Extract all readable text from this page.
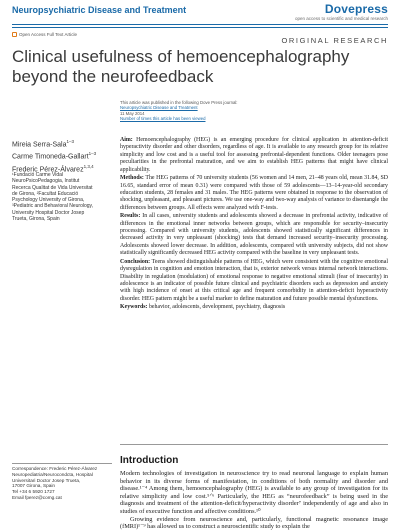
Neuropsychiatric Disease and Treatment	Dovepress
open access to scientific and medical research
Open Access Full Text Article
ORIGINAL RESEARCH
Clinical usefulness of hemoencephalography
beyond the neurofeedback
This article was published in the following Dove Press journal:
Neuropsychiatric Disease and Treatment
11 May 2014
Number of times this article has been viewed
Mireia Serra-Sala$^{1-3}$
Carme Timoneda-Gallart$^{1-3}$
Frederic Pérez-Álvarez$^{1,3,4}$
¹Fundació Carme Vidal
NeuroPsicoPedagogia, Institut
Recerca Qualitat de Vida Universitat
de Girona, ²Facultat Educació
Psychology University of Girona,
³Pediatric and Behavioral Neurology,
University Hospital Doctor Josep
Trueta, Girona, Spain

Aim: Hemoencephalography (HEG) is an emerging procedure for clinical application in attention-deficit hyperactivity disorder and other disorders, regardless of age. It is available to any research group for its relative simplicity and low cost and is a useful tool for assessing prefrontal-dependent functions. Older teenagers pose peculiarities in the prefrontal maturation, and we aim to establish HEG patterns that might have clinical applicability.

Methods: The HEG patterns of 70 university students (56 women and 14 men, 21–48 years old, mean 31.84, SD 16.65, standard error of mean 0.31) were compared with those of 59 adolescents—13–14-year-old secondary education students, 28 females and 31 males. The HEG patterns were obtained in response to the observation of shocking, unpleasant, and pleasant pictures. We use one-way and two-way analysis of variance to disentangle the differences between groups. All effects were analyzed with F-tests.

Results: In all cases, university students and adolescents showed a decrease in prefrontal activity, indicative of differences in the emotional inner networks between groups, which are responsible for security–insecurity processing. Compared with university students, adolescents showed statistically significant differences in decreased activity in very unpleasant (shocking) tests that demand increased security–insecurity processing. Adolescents showed lower decrease. In addition, adolescents, compared with university subjects, did not show statistically significantly decreased HEG activity compared with the baseline in very unpleasant tests.

Conclusion: Teens showed distinguishable patterns of HEG, which were consistent with the cognitive emotional dysregulation in cognition and emotion interaction, that is, exterior network versus internal network interactions. Disability in regulation (modulation) of emotional response to negative emotional stimuli (fear of insecurity) in adolescence is an indicator of possible future clinical and psychiatric disorders such as depression and anxiety with high incidence of onset at this critical age and frequent comorbidity in attention-deficit hyperactivity disorder. HEG pattern might be a useful marker to define maturation and future possible mental dysfunctions.

Keywords: behavior, adolescents, development, psychiatry, diagnosis

Introduction

Modern technologies of investigation in neuroscience try to read neuronal language to explain human behavior in its diverse forms of manifestation, in conditions of both normality and disorder and disease.¹⁻⁴ Among them, hemoencephalography (HEG) is available to any group of investigation for its relative simplicity and low cost.⁵ᐟ⁶ Particularly, the HEG as “neurofeedback” is being used in the diagnosis and treatment of the attention-deficit/hyperactivity disorder⁷ independently of age and also in studies of executive function and affective conditions.¹⁰

Growing evidence from neuroscience and, particularly, functional magnetic resonance image (fMRI)¹⁻⁹ has allowed us to construct a neuroscientific study to explain the

Correspondence: Frederic Pérez-Álvarez
Neuropediatria/Neurocondcta, Hospital
Universitari Doctor Josep Trueta,
17007 Girona, Spain
Tel +34 6 5920 1727
Email fperez@comg.cat
